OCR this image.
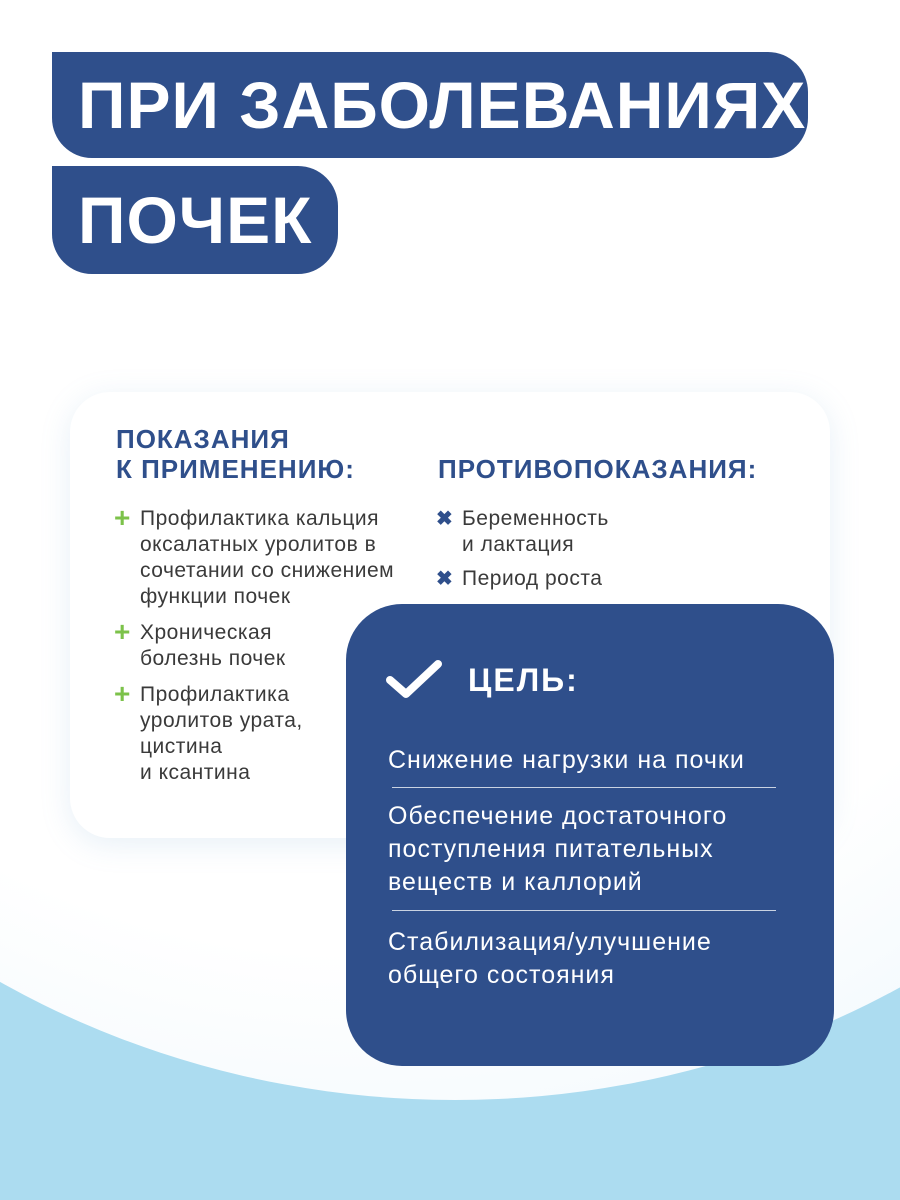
ПРИ ЗАБОЛЕВАНИЯХ
ПОЧЕК
ПОКАЗАНИЯ
К ПРИМЕНЕНИЮ:
+ Профилактика кальция
оксалатных уролитов в
сочетании со снижением
функции почек
+ Хроническая
болезнь почек
+ Профилактика
уролитов урата,
цистина
и ксантина
ПРОТИВОПОКАЗАНИЯ:
✖ Беременность
и лактация
✖ Период роста
ЦЕЛЬ:
Снижение нагрузки на почки
Обеспечение достаточного
поступления питательных
веществ и каллорий
Стабилизация/улучшение
общего состояния
